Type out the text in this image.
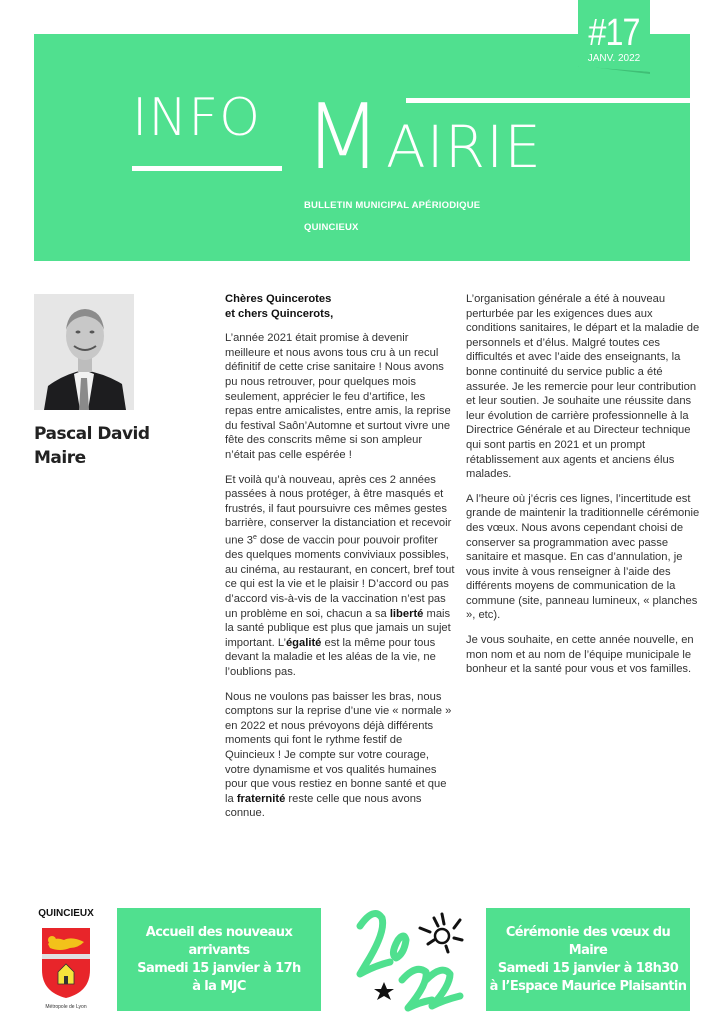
#17
JANV. 2022
INFO M AIRIE
BULLETIN MUNICIPAL APÉRIODIQUE
QUINCIEUX
Pascal David
Maire

Chères Quincerotes
et chers Quincerots,

L’année 2021 était promise à devenir meilleure et nous avons tous cru à un recul définitif de cette crise sanitaire ! Nous avons pu nous retrouver, pour quelques mois seulement, apprécier le feu d’artifice, les repas entre amicalistes, entre amis, la reprise du festival Saôn’Automne et surtout vivre une fête des conscrits même si son ampleur n’était pas celle espérée !

Et voilà qu’à nouveau, après ces 2 années passées à nous protéger, à être masqués et frustrés, il faut poursuivre ces mêmes gestes barrière, conserver la distanciation et recevoir une 3e dose de vaccin pour pouvoir profiter des quelques moments conviviaux possibles, au cinéma, au restaurant, en concert, bref tout ce qui est la vie et le plaisir ! D’accord ou pas d’accord vis-à-vis de la vaccination n’est pas un problème en soi, chacun a sa liberté mais la santé publique est plus que jamais un sujet important. L’égalité est la même pour tous devant la maladie et les aléas de la vie, ne l’oublions pas.

Nous ne voulons pas baisser les bras, nous comptons sur la reprise d’une vie « normale » en 2022 et nous prévoyons déjà différents moments qui font le rythme festif de Quincieux ! Je compte sur votre courage, votre dynamisme et vos qualités humaines pour que vous restiez en bonne santé et que la fraternité reste celle que nous avons connue.

L’organisation générale a été à nouveau perturbée par les exigences dues aux conditions sanitaires, le départ et la maladie de personnels et d’élus. Malgré toutes ces difficultés et avec l’aide des enseignants, la bonne continuité du service public a été assurée. Je les remercie pour leur contribution et leur soutien. Je souhaite une réussite dans leur évolution de carrière professionnelle à la Directrice Générale et au Directeur technique qui sont partis en 2021 et un prompt rétablissement aux agents et anciens élus malades.

A l’heure où j’écris ces lignes, l’incertitude est grande de maintenir la traditionnelle cérémonie des vœux. Nous avons cependant choisi de conserver sa programmation avec passe sanitaire et masque. En cas d’annulation, je vous invite à vous renseigner à l’aide des différents moyens de communication de la commune (site, panneau lumineux, « planches », etc).

Je vous souhaite, en cette année nouvelle, en mon nom et au nom de l’équipe municipale le bonheur et la santé pour vous et vos familles.

QUINCIEUX
Métropole de Lyon
Accueil des nouveaux arrivants
Samedi 15 janvier à 17h
à la MJC
Cérémonie des vœux du Maire
Samedi 15 janvier à 18h30
à l’Espace Maurice Plaisantin
